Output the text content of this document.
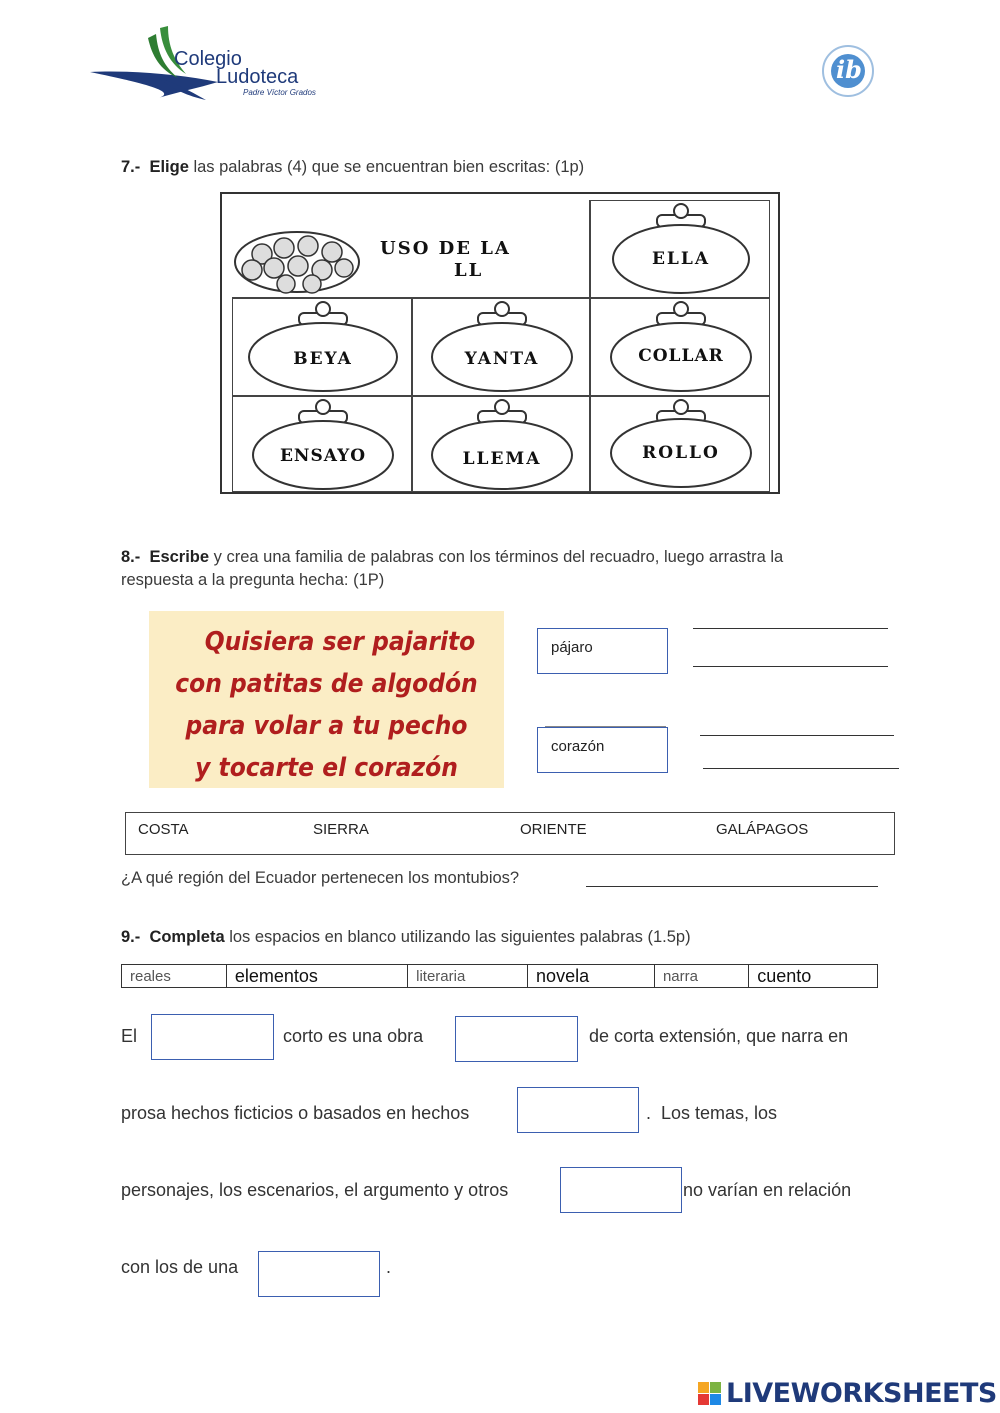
Colegio
Ludoteca
Padre Víctor Grados
ib
7.- Elige las palabras (4) que se encuentran bien escritas: (1p)
USO DE LA
LL
ELLA
BEYA	YANTA	COLLAR
ENSAYO	LLEMA	ROLLO
8.- Escribe y crea una familia de palabras con los términos del recuadro, luego arrastra la
respuesta a la pregunta hecha: (1P)
Quisiera ser pajarito
con patitas de algodón
para volar a tu pecho
y tocarte el corazón
pájaro
corazón
COSTA	SIERRA	ORIENTE	GALÁPAGOS
¿A qué región del Ecuador pertenecen los montubios?
9.- Completa los espacios en blanco utilizando las siguientes palabras (1.5p)
reales	elementos	literaria	novela	narra	cuento
El	corto es una obra	de corta extensión, que narra en
prosa hechos ficticios o basados en hechos	.  Los temas, los
personajes, los escenarios, el argumento y otros	no varían en relación
con los de una	.
LIVEWORKSHEETS
